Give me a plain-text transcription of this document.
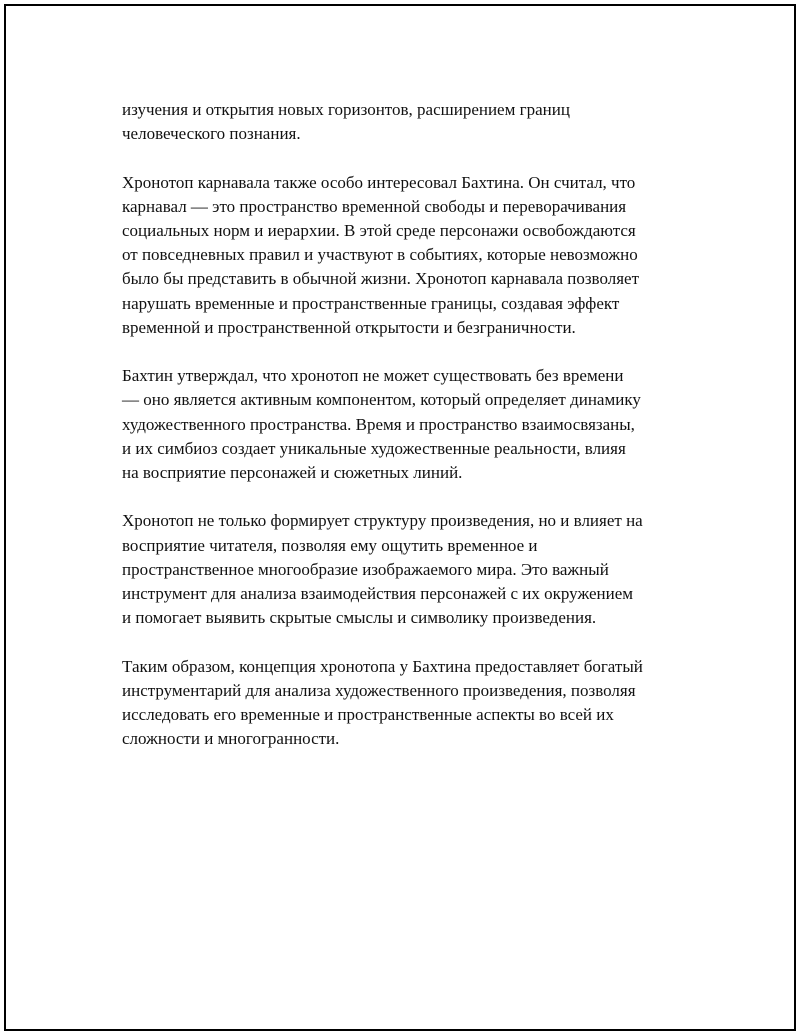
изучения и открытия новых горизонтов, расширением границ
человеческого познания.

Хронотоп карнавала также особо интересовал Бахтина. Он считал, что
карнавал — это пространство временной свободы и переворачивания
социальных норм и иерархии. В этой среде персонажи освобождаются
от повседневных правил и участвуют в событиях, которые невозможно
было бы представить в обычной жизни. Хронотоп карнавала позволяет
нарушать временные и пространственные границы, создавая эффект
временной и пространственной открытости и безграничности.

Бахтин утверждал, что хронотоп не может существовать без времени
— оно является активным компонентом, который определяет динамику
художественного пространства. Время и пространство взаимосвязаны,
и их симбиоз создает уникальные художественные реальности, влияя
на восприятие персонажей и сюжетных линий.

Хронотоп не только формирует структуру произведения, но и влияет на
восприятие читателя, позволяя ему ощутить временное и
пространственное многообразие изображаемого мира. Это важный
инструмент для анализа взаимодействия персонажей с их окружением
и помогает выявить скрытые смыслы и символику произведения.

Таким образом, концепция хронотопа у Бахтина предоставляет богатый
инструментарий для анализа художественного произведения, позволяя
исследовать его временные и пространственные аспекты во всей их
сложности и многогранности.
